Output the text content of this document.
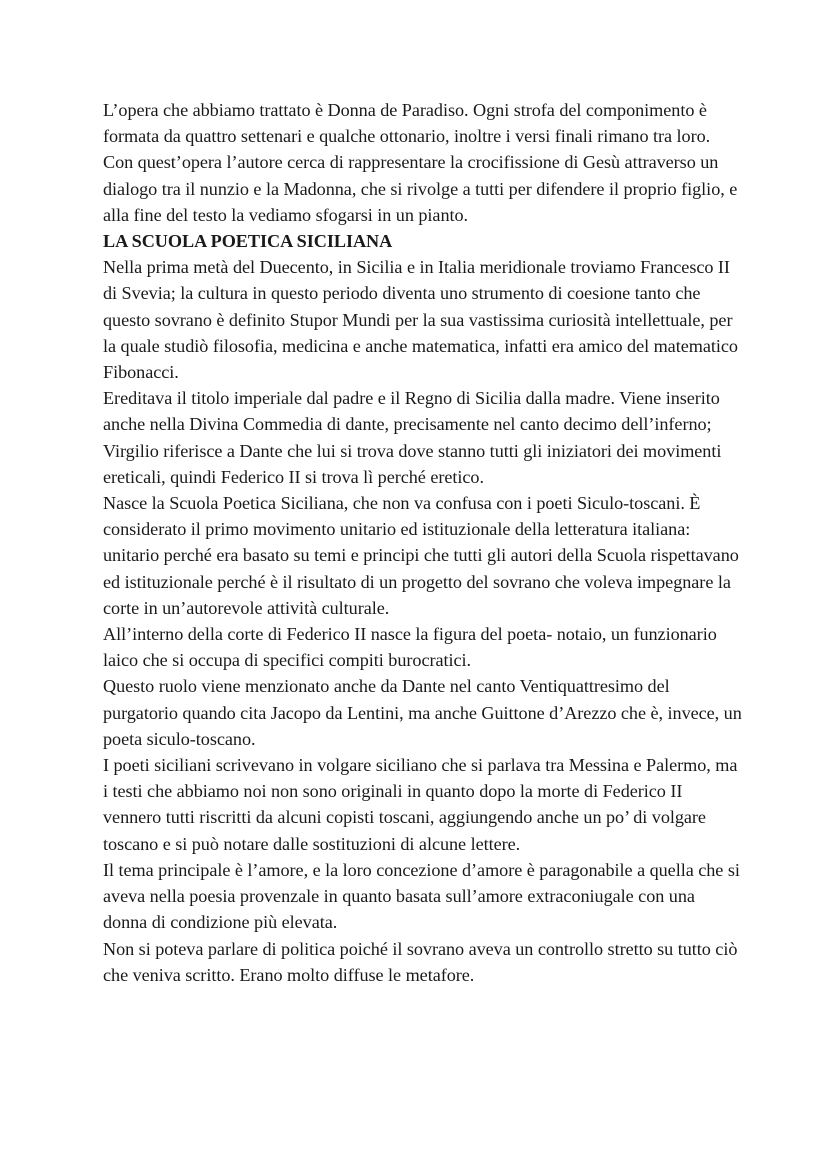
L’opera che abbiamo trattato è Donna de Paradiso. Ogni strofa del componimento è formata da quattro settenari e qualche ottonario, inoltre i versi finali rimano tra loro.

Con quest’opera l’autore cerca di rappresentare la crocifissione di Gesù attraverso un dialogo tra il nunzio e la Madonna, che si rivolge a tutti per difendere il proprio figlio, e alla fine del testo la vediamo sfogarsi in un pianto.

LA SCUOLA POETICA SICILIANA

Nella prima metà del Duecento, in Sicilia e in Italia meridionale troviamo Francesco II di Svevia; la cultura in questo periodo diventa uno strumento di coesione tanto che questo sovrano è definito Stupor Mundi per la sua vastissima curiosità intellettuale, per la quale studiò filosofia, medicina e anche matematica, infatti era amico del matematico Fibonacci.

Ereditava il titolo imperiale dal padre e il Regno di Sicilia dalla madre. Viene inserito anche nella Divina Commedia di dante, precisamente nel canto decimo dell’inferno;

Virgilio riferisce a Dante che lui si trova dove stanno tutti gli iniziatori dei movimenti ereticali, quindi Federico II si trova lì perché eretico.

Nasce la Scuola Poetica Siciliana, che non va confusa con i poeti Siculo-toscani. È considerato il primo movimento unitario ed istituzionale della letteratura italiana: unitario perché era basato su temi e principi che tutti gli autori della Scuola rispettavano ed istituzionale perché è il risultato di un progetto del sovrano che voleva impegnare la corte in un’autorevole attività culturale.

All’interno della corte di Federico II nasce la figura del poeta- notaio, un funzionario laico che si occupa di specifici compiti burocratici.

Questo ruolo viene menzionato anche da Dante nel canto Ventiquattresimo del purgatorio quando cita Jacopo da Lentini, ma anche Guittone d’Arezzo che è, invece, un poeta siculo-toscano.

I poeti siciliani scrivevano in volgare siciliano che si parlava tra Messina e Palermo, ma i testi che abbiamo noi non sono originali in quanto dopo la morte di Federico II vennero tutti riscritti da alcuni copisti toscani, aggiungendo anche un po’ di volgare toscano e si può notare dalle sostituzioni di alcune lettere.

Il tema principale è l’amore, e la loro concezione d’amore è paragonabile a quella che si aveva nella poesia provenzale in quanto basata sull’amore extraconiugale con una donna di condizione più elevata.

Non si poteva parlare di politica poiché il sovrano aveva un controllo stretto su tutto ciò che veniva scritto. Erano molto diffuse le metafore.
